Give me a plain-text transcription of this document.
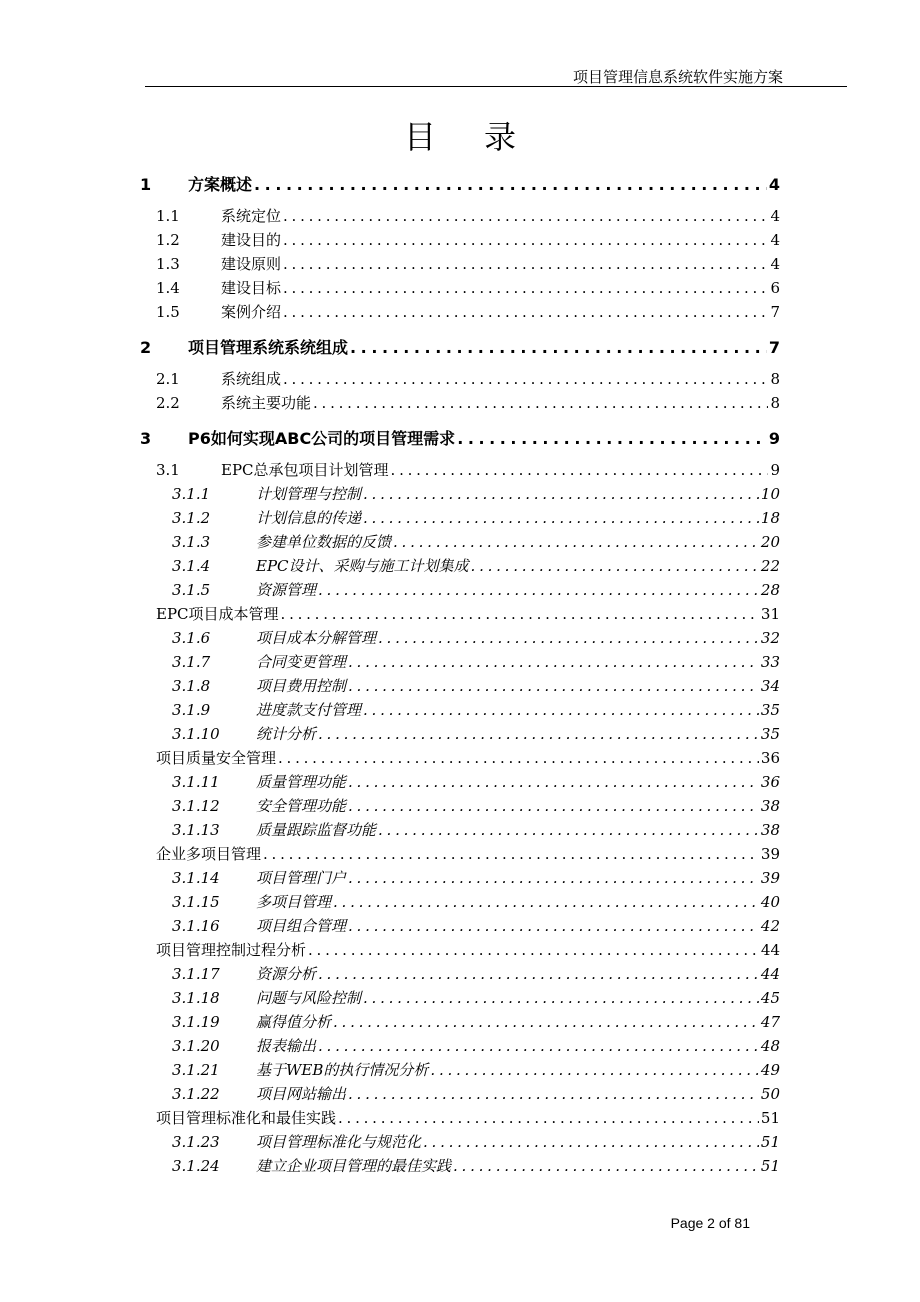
项目管理信息系统软件实施方案
目录
1	方案概述 . . .	4
1.1	系统定位 . . .	4
1.2	建设目的 . . .	4
1.3	建设原则 . . .	4
1.4	建设目标 . . .	6
1.5	案例介绍 . . .	7
2	项目管理系统系统组成 . . .	7
2.1	系统组成 . . .	8
2.2	系统主要功能 . . .	8
3	P6如何实现ABC公司的项目管理需求 . . .	9
3.1	EPC总承包项目计划管理 . . .	9
3.1.1	计划管理与控制 . . .	10
3.1.2	计划信息的传递 . . .	18
3.1.3	参建单位数据的反馈 . . .	20
3.1.4	EPC设计、采购与施工计划集成 . . .	22
3.1.5	资源管理 . . .	28
EPC项目成本管理 . . .	31
3.1.6	项目成本分解管理 . . .	32
3.1.7	合同变更管理 . . .	33
3.1.8	项目费用控制 . . .	34
3.1.9	进度款支付管理 . . .	35
3.1.10	统计分析 . . .	35
项目质量安全管理 . . .	36
3.1.11	质量管理功能 . . .	36
3.1.12	安全管理功能 . . .	38
3.1.13	质量跟踪监督功能 . . .	38
企业多项目管理 . . .	39
3.1.14	项目管理门户 . . .	39
3.1.15	多项目管理 . . .	40
3.1.16	项目组合管理 . . .	42
项目管理控制过程分析 . . .	44
3.1.17	资源分析 . . .	44
3.1.18	问题与风险控制 . . .	45
3.1.19	赢得值分析 . . .	47
3.1.20	报表输出 . . .	48
3.1.21	基于WEB的执行情况分析 . . .	49
3.1.22	项目网站输出 . . .	50
项目管理标准化和最佳实践 . . .	51
3.1.23	项目管理标准化与规范化 . . .	51
3.1.24	建立企业项目管理的最佳实践 . . .	51
Page 2 of 81
